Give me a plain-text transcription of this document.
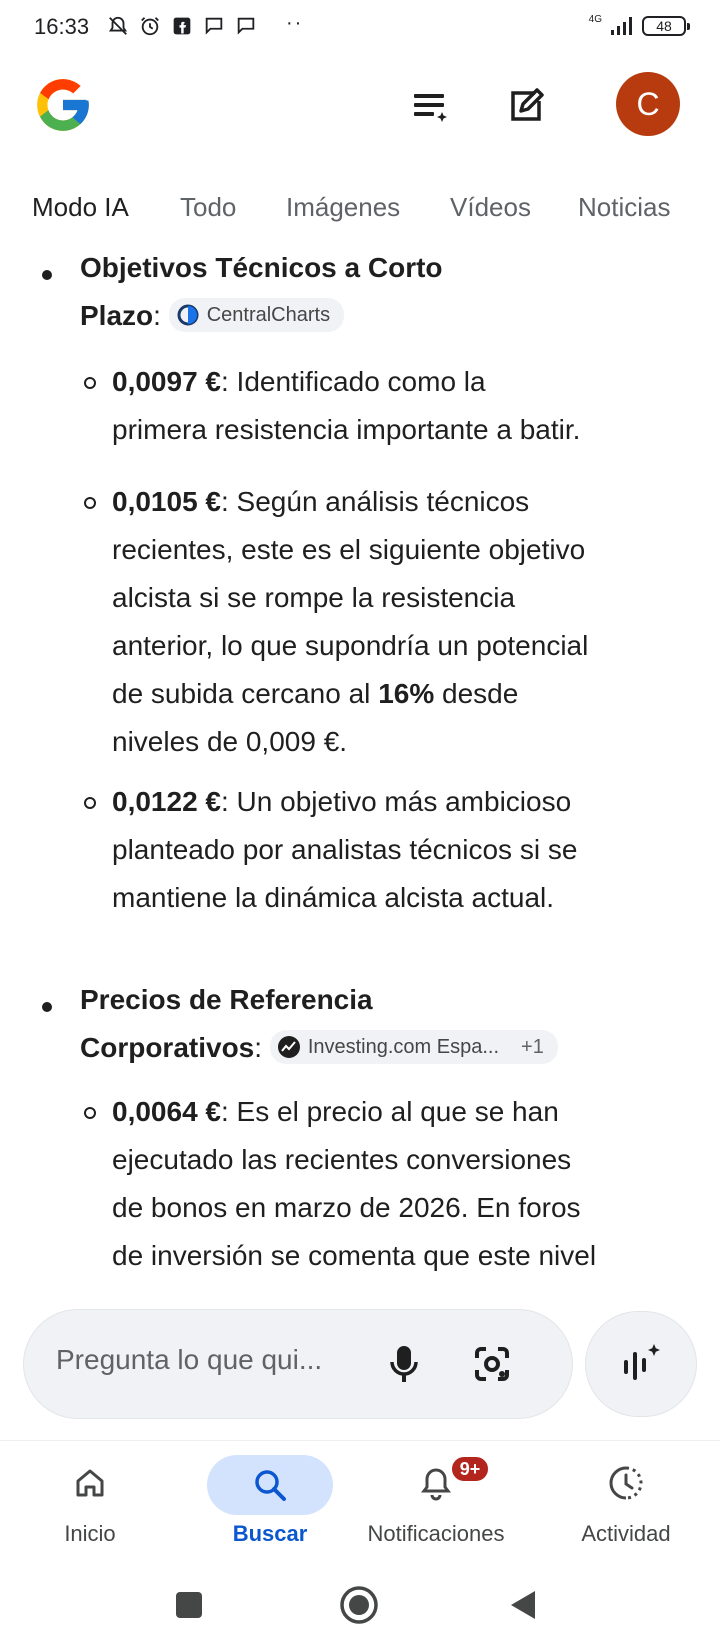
16:33	··	4G	48
C
Modo IA Todo Imágenes Vídeos Noticias
Objetivos Técnicos a Corto
Plazo: CentralCharts
0,0097 €: Identificado como la
primera resistencia importante a batir.
0,0105 €: Según análisis técnicos
recientes, este es el siguiente objetivo
alcista si se rompe la resistencia
anterior, lo que supondría un potencial
de subida cercano al 16% desde
niveles de 0,009 €.
0,0122 €: Un objetivo más ambicioso
planteado por analistas técnicos si se
mantiene la dinámica alcista actual.
Precios de Referencia
Corporativos: Investing.com Espa... +1
0,0064 €: Es el precio al que se han
ejecutado las recientes conversiones
de bonos en marzo de 2026. En foros
de inversión se comenta que este nivel
Pregunta lo que qui...
Inicio	Buscar
9+
Notificaciones	Actividad
